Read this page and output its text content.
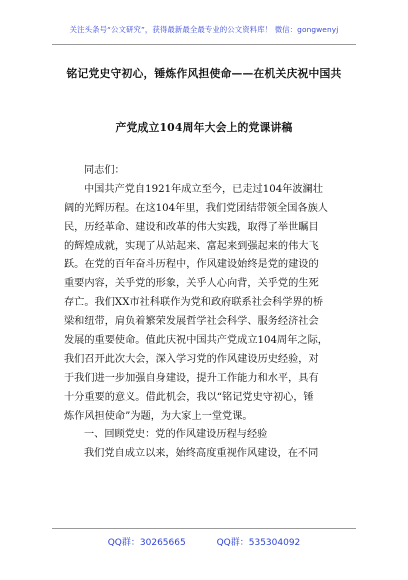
关注头条号“公文研究”，获得最新最全最专业的公文资料库！ 微信：gongwenyj
铭记党史守初心，锤炼作风担使命——在机关庆祝中国共
产党成立104周年大会上的党课讲稿
同志们：
中国共产党自1921年成立至今，已走过104年波澜壮
阔的光辉历程。在这104年里，我们党团结带领全国各族人
民，历经革命、建设和改革的伟大实践，取得了举世瞩目
的辉煌成就，实现了从站起来、富起来到强起来的伟大飞
跃。在党的百年奋斗历程中，作风建设始终是党的建设的
重要内容，关乎党的形象，关乎人心向背，关乎党的生死
存亡。我们XX市社科联作为党和政府联系社会科学界的桥
梁和纽带，肩负着繁荣发展哲学社会科学、服务经济社会
发展的重要使命。值此庆祝中国共产党成立104周年之际，
我们召开此次大会，深入学习党的作风建设历史经验，对
于我们进一步加强自身建设，提升工作能力和水平，具有
十分重要的意义。借此机会，我以“铭记党史守初心，锤
炼作风担使命”为题，为大家上一堂党课。
一、回顾党史：党的作风建设历程与经验
我们党自成立以来，始终高度重视作风建设，在不同
QQ群：30265665	QQ群：535304092
